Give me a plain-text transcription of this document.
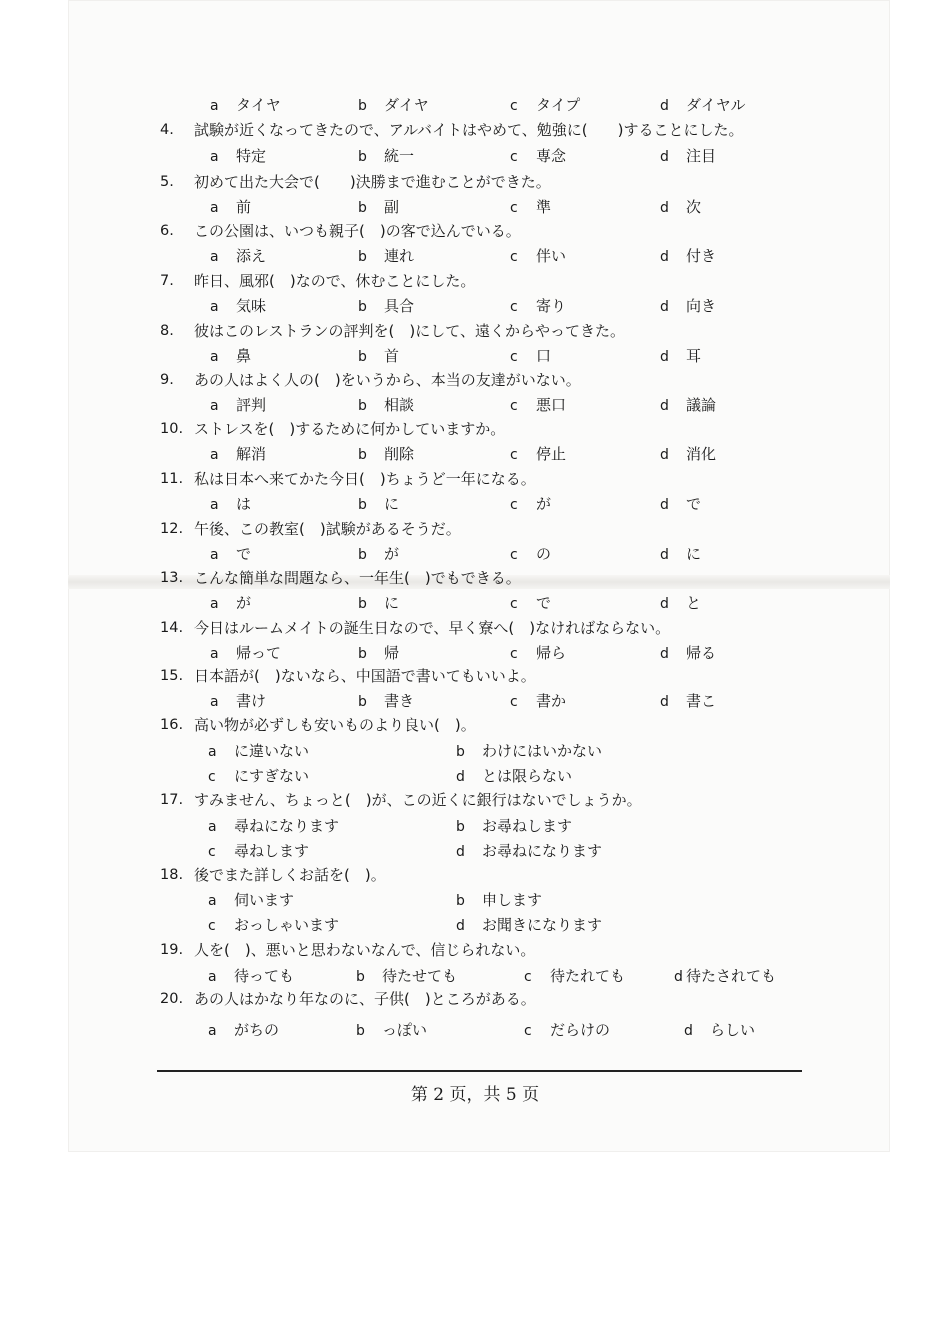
a タイヤ	b ダイヤ	c タイプ	d ダイヤル
4.	試験が近くなってきたので、アルバイトはやめて、勉強に(　　)することにした。
a 特定	b 統一	c 専念	d 注目
5.	初めて出た大会で(　　)決勝まで進むことができた。
a 前	b 副	c 準	d 次
6.	この公園は、いつも親子(　)の客で込んでいる。
a 添え	b 連れ	c 伴い	d 付き
7.	昨日、風邪(　)なので、休むことにした。
a 気味	b 具合	c 寄り	d 向き
8.	彼はこのレストランの評判を(　)にして、遠くからやってきた。
a 鼻	b 首	c 口	d 耳
9.	あの人はよく人の(　)をいうから、本当の友達がいない。
a 評判	b 相談	c 悪口	d 議論
10. ストレスを(　)するために何かしていますか。
a 解消	b 削除	c 停止	d 消化
11. 私は日本へ来てかた今日(　)ちょうど一年になる。
a は	b に	c が	d で
12. 午後、この教室(　)試験があるそうだ。
a で	b が	c の	d に
13. こんな簡単な問題なら、一年生(　)でもできる。
a が	b に	c で	d と
14. 今日はルームメイトの誕生日なので、早く寮へ(　)なければならない。
a 帰って	b 帰	c 帰ら	d 帰る
15. 日本語が(　)ないなら、中国語で書いてもいいよ。
a 書け	b 書き	c 書か	d 書こ
16. 高い物が必ずしも安いものより良い(　)。
a に違いない	b わけにはいかない
c にすぎない	d とは限らない
17. すみません、ちょっと(　)が、この近くに銀行はないでしょうか。
a 尋ねになります	b お尋ねします
c 尋ねします	d お尋ねになります
18. 後でまた詳しくお話を(　)。
a 伺います	b 申します
c おっしゃいます	d お聞きになります
19. 人を(　)、悪いと思わないなんで、信じられない。
a 待っても	b 待たせても	c 待たれても	d 待たされても
20. あの人はかなり年なのに、子供(　)ところがある。
a がちの	b っぽい	c だらけの	d らしい
第 2 页，共 5 页
